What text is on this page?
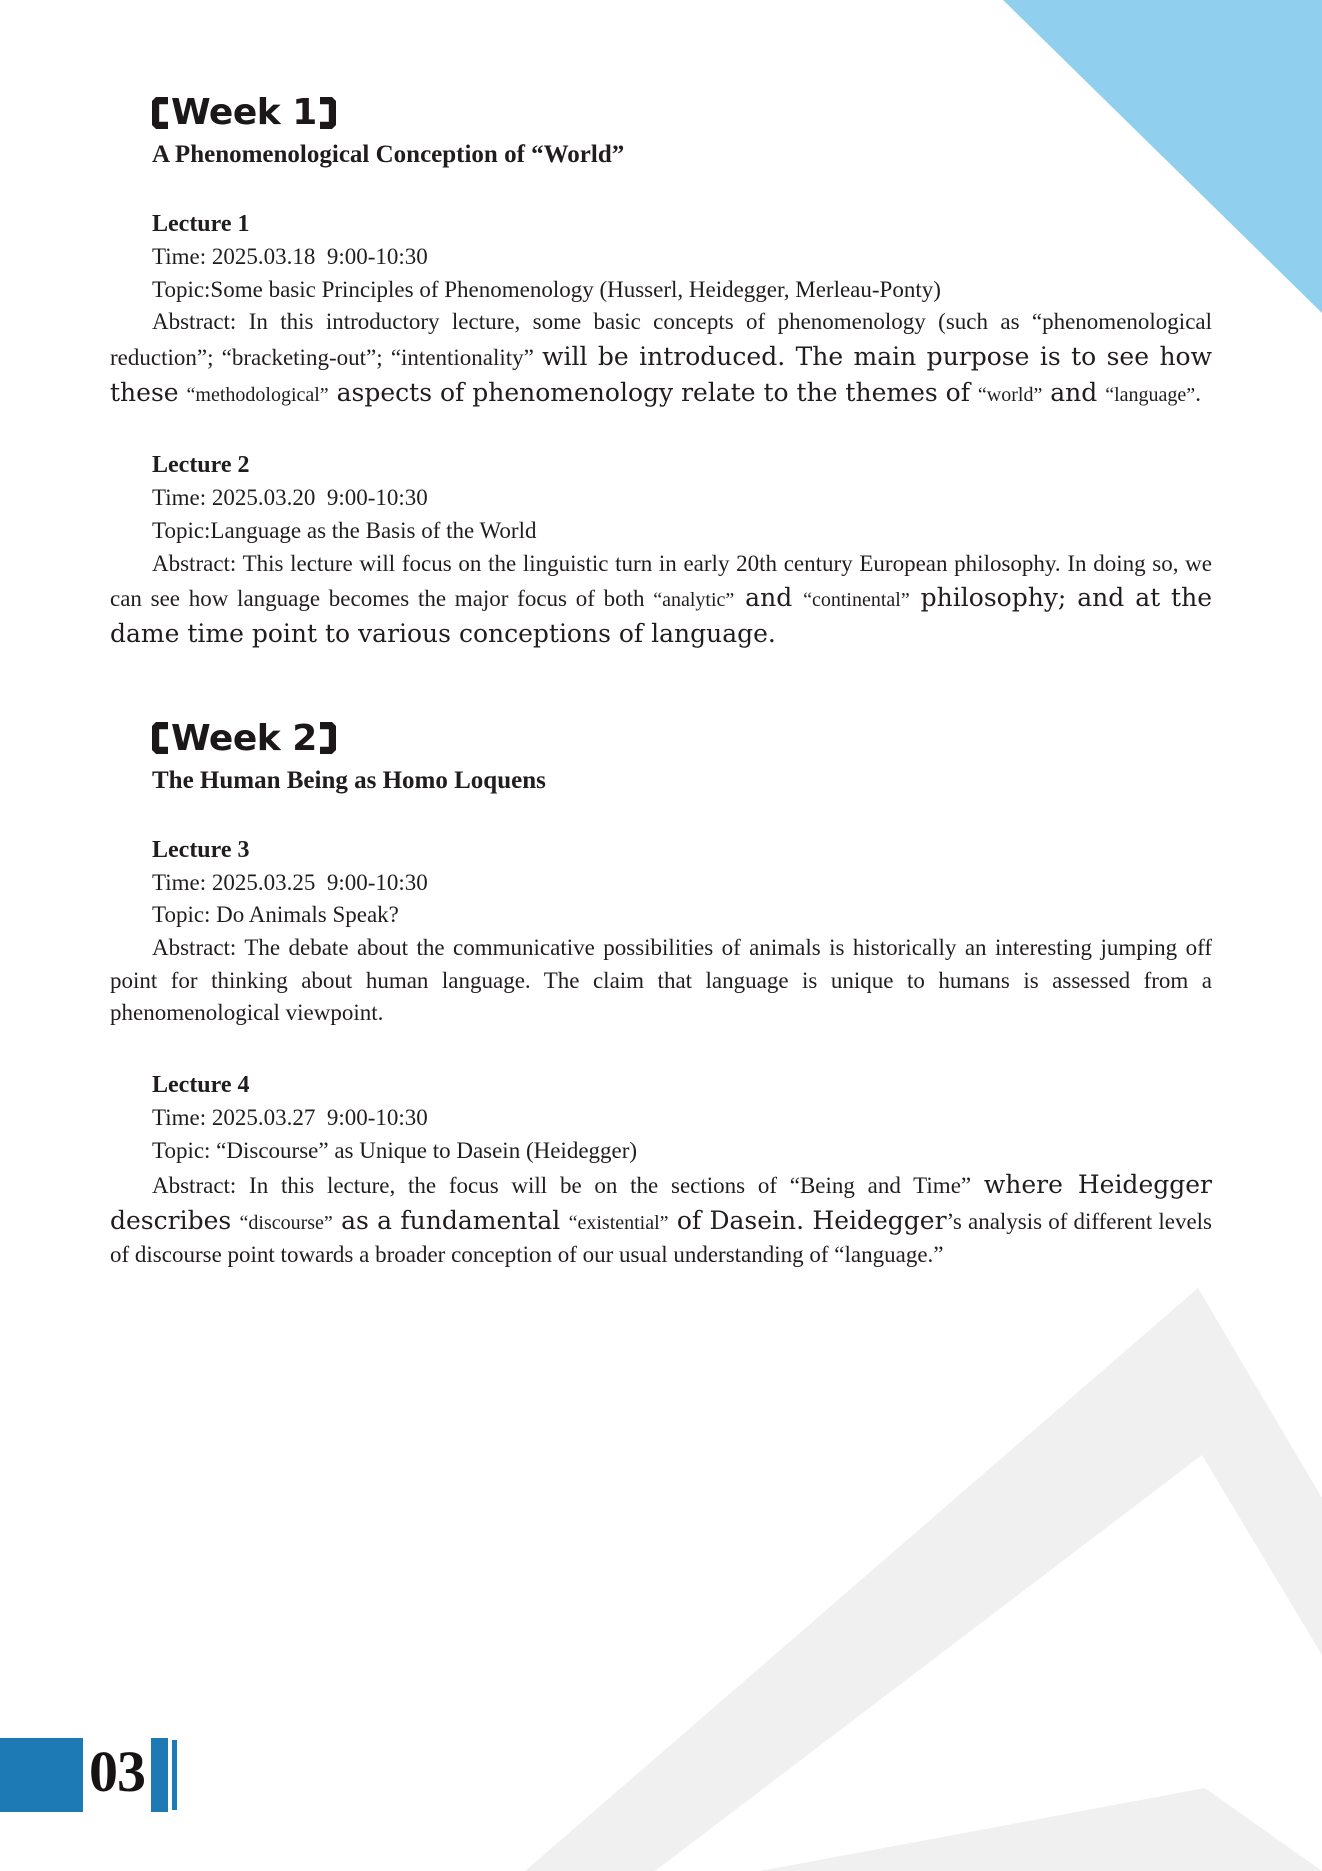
Week 1

A Phenomenological Conception of “World”

Lecture 1

Time: 2025.03.18  9:00-10:30

Topic:Some basic Principles of Phenomenology (Husserl, Heidegger, Merleau-Ponty)

Abstract: In this introductory lecture, some basic concepts of phenomenology (such as “phenomenological reduction”; “bracketing-out”; “intentionality” will be introduced. The main purpose is to see how these “methodological” aspects of phenomenology relate to the themes of “world” and “language”.

Lecture 2

Time: 2025.03.20  9:00-10:30

Topic:Language as the Basis of the World

Abstract: This lecture will focus on the linguistic turn in early 20th century European philosophy. In doing so, we can see how language becomes the major focus of both “analytic” and “continental” philosophy; and at the dame time point to various conceptions of language.

Week 2

The Human Being as Homo Loquens

Lecture 3

Time: 2025.03.25  9:00-10:30

Topic: Do Animals Speak?

Abstract: The debate about the communicative possibilities of animals is historically an interesting jumping off point for thinking about human language. The claim that language is unique to humans is assessed from a phenomenological viewpoint.

Lecture 4

Time: 2025.03.27  9:00-10:30

Topic: “Discourse” as Unique to Dasein (Heidegger)

Abstract: In this lecture, the focus will be on the sections of “Being and Time” where Heidegger describes “discourse” as a fundamental “existential” of Dasein. Heidegger’s analysis of different levels of discourse point towards a broader conception of our usual understanding of “language.”

03
